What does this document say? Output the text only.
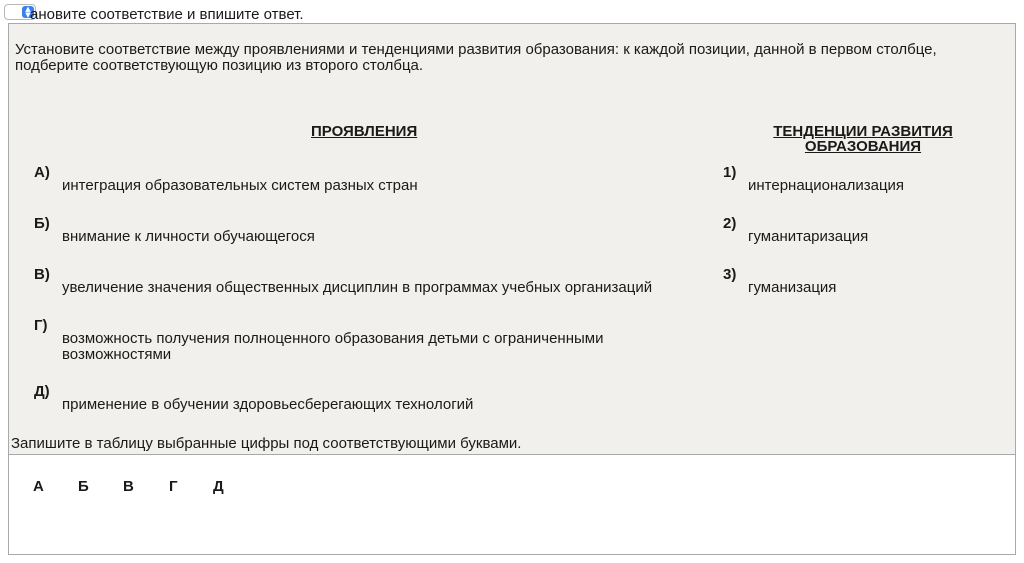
▲
▼ ановите соответствие и впишите ответ.
Установите соответствие между проявлениями и тенденциями развития образования: к каждой позиции, данной в первом столбце, подберите соответствующую позицию из второго столбца.
ПРОЯВЛЕНИЯ	ТЕНДЕНЦИИ РАЗВИТИЯ ОБРАЗОВАНИЯ
А)
интеграция образовательных систем разных стран
Б)
внимание к личности обучающегося
В)
увеличение значения общественных дисциплин в программах учебных организаций
Г)
возможность получения полноценного образования детьми с ограниченными возможностями
Д)
применение в обучении здоровьесберегающих технологий
1)
интернационализация
2)
гуманитаризация
3)
гуманизация
Запишите в таблицу выбранные цифры под соответствующими буквами.
А Б В Г Д
